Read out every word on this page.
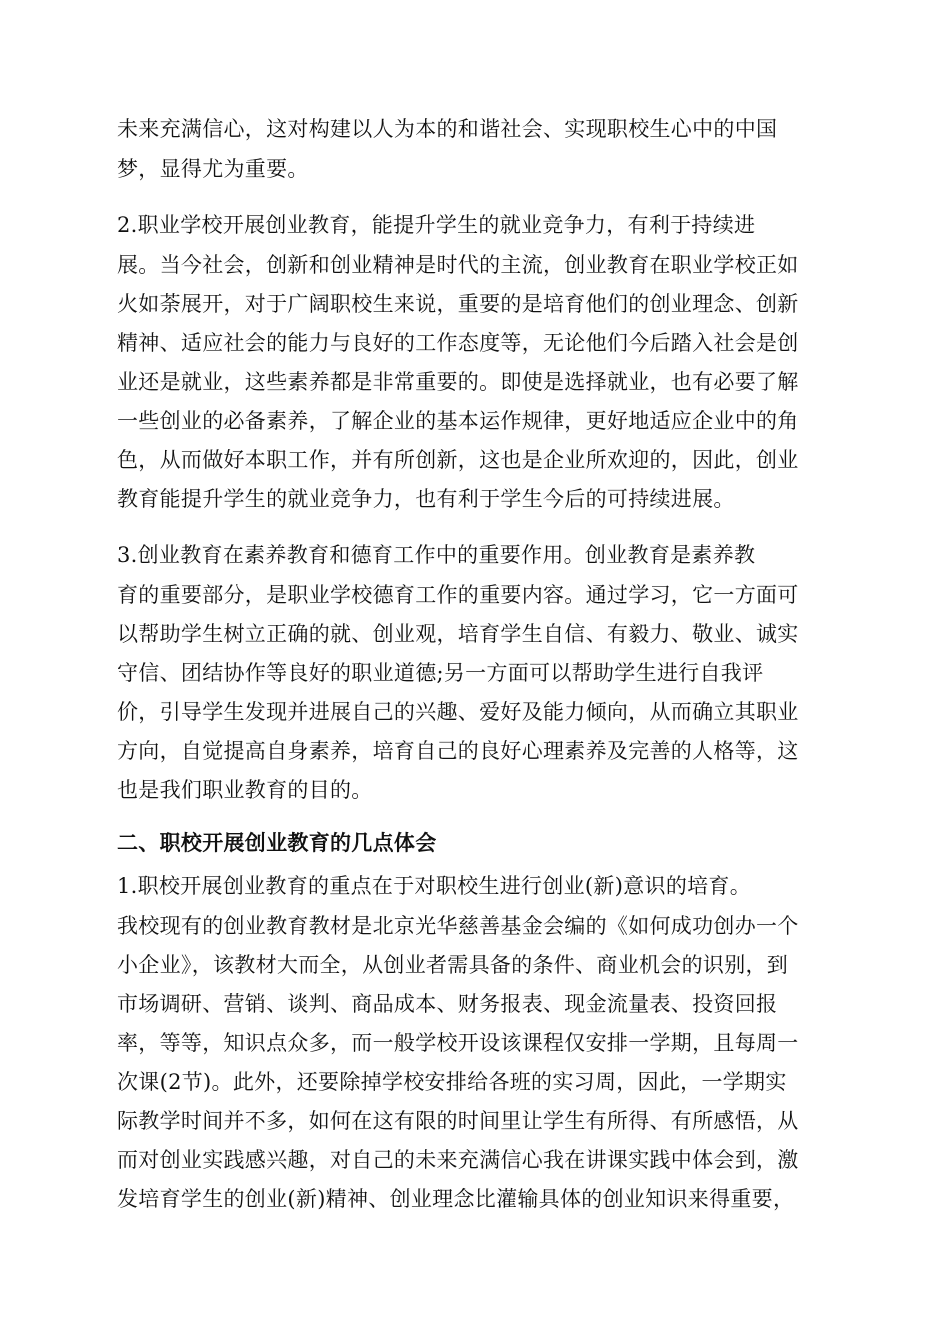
未来充满信心，这对构建以人为本的和谐社会、实现职校生心中的中国
梦，显得尤为重要。
2.职业学校开展创业教育，能提升学生的就业竞争力，有利于持续进
展。当今社会，创新和创业精神是时代的主流，创业教育在职业学校正如
火如荼展开，对于广阔职校生来说，重要的是培育他们的创业理念、创新
精神、适应社会的能力与良好的工作态度等，无论他们今后踏入社会是创
业还是就业，这些素养都是非常重要的。即使是选择就业，也有必要了解
一些创业的必备素养，了解企业的基本运作规律，更好地适应企业中的角
色，从而做好本职工作，并有所创新，这也是企业所欢迎的，因此，创业
教育能提升学生的就业竞争力，也有利于学生今后的可持续进展。
3.创业教育在素养教育和德育工作中的重要作用。创业教育是素养教
育的重要部分，是职业学校德育工作的重要内容。通过学习，它一方面可
以帮助学生树立正确的就、创业观，培育学生自信、有毅力、敬业、诚实
守信、团结协作等良好的职业道德;另一方面可以帮助学生进行自我评
价，引导学生发现并进展自己的兴趣、爱好及能力倾向，从而确立其职业
方向，自觉提高自身素养，培育自己的良好心理素养及完善的人格等，这
也是我们职业教育的目的。
二、职校开展创业教育的几点体会
1.职校开展创业教育的重点在于对职校生进行创业(新)意识的培育。
我校现有的创业教育教材是北京光华慈善基金会编的《如何成功创办一个
小企业》，该教材大而全，从创业者需具备的条件、商业机会的识别，到
市场调研、营销、谈判、商品成本、财务报表、现金流量表、投资回报
率，等等，知识点众多，而一般学校开设该课程仅安排一学期，且每周一
次课(2节)。此外，还要除掉学校安排给各班的实习周，因此，一学期实
际教学时间并不多，如何在这有限的时间里让学生有所得、有所感悟，从
而对创业实践感兴趣，对自己的未来充满信心我在讲课实践中体会到，激
发培育学生的创业(新)精神、创业理念比灌输具体的创业知识来得重要，
